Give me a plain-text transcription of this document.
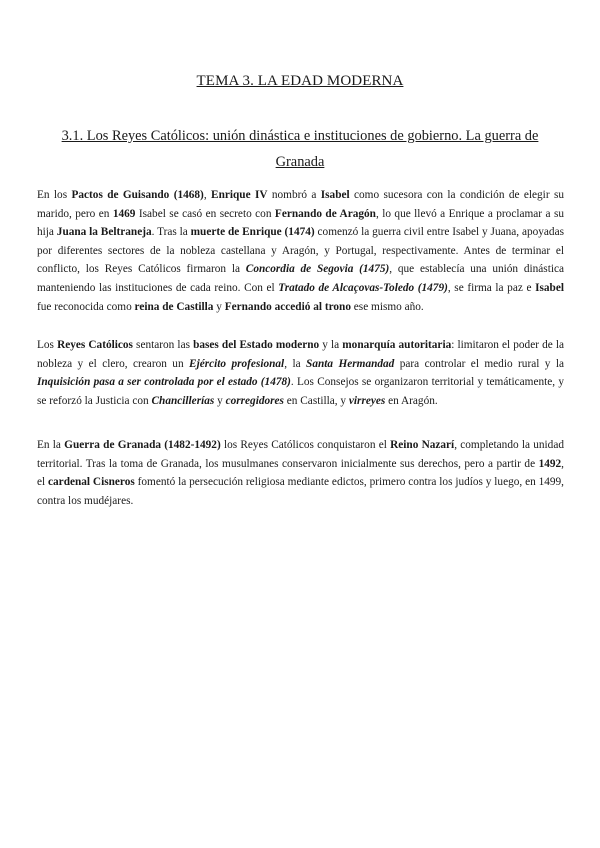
TEMA 3. LA EDAD MODERNA
3.1. Los Reyes Católicos: unión dinástica e instituciones de gobierno. La guerra de Granada

En los Pactos de Guisando (1468), Enrique IV nombró a Isabel como sucesora con la condición de elegir su marido, pero en 1469 Isabel se casó en secreto con Fernando de Aragón, lo que llevó a Enrique a proclamar a su hija Juana la Beltraneja. Tras la muerte de Enrique (1474) comenzó la guerra civil entre Isabel y Juana, apoyadas por diferentes sectores de la nobleza castellana y Aragón, y Portugal, respectivamente. Antes de terminar el conflicto, los Reyes Católicos firmaron la Concordia de Segovia (1475), que establecía una unión dinástica manteniendo las instituciones de cada reino. Con el Tratado de Alcaçovas-Toledo (1479), se firma la paz e Isabel fue reconocida como reina de Castilla y Fernando accedió al trono ese mismo año.

Los Reyes Católicos sentaron las bases del Estado moderno y la monarquía autoritaria: limitaron el poder de la nobleza y el clero, crearon un Ejército profesional, la Santa Hermandad para controlar el medio rural y la Inquisición pasa a ser controlada por el estado (1478). Los Consejos se organizaron territorial y temáticamente, y se reforzó la Justicia con Chancillerías y corregidores en Castilla, y virreyes en Aragón.

En la Guerra de Granada (1482-1492) los Reyes Católicos conquistaron el Reino Nazarí, completando la unidad territorial. Tras la toma de Granada, los musulmanes conservaron inicialmente sus derechos, pero a partir de 1492, el cardenal Cisneros fomentó la persecución religiosa mediante edictos, primero contra los judíos y luego, en 1499, contra los mudéjares.
